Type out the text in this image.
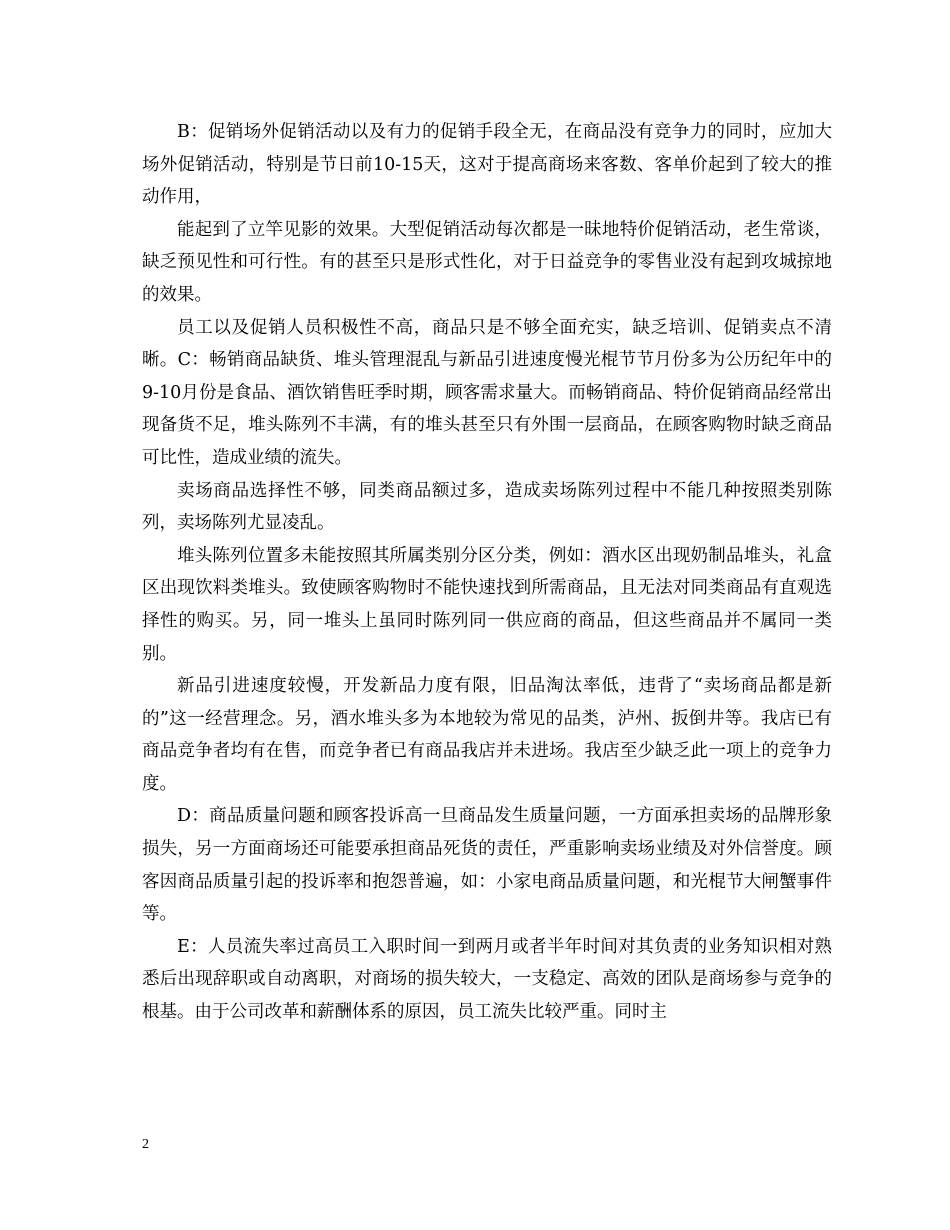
B：促销场外促销活动以及有力的促销手段全无，在商品没有竞争力的同时，应加大场外促销活动，特别是节日前10-15天，这对于提高商场来客数、客单价起到了较大的推动作用，

能起到了立竿见影的效果。大型促销活动每次都是一昧地特价促销活动，老生常谈，缺乏预见性和可行性。有的甚至只是形式性化，对于日益竞争的零售业没有起到攻城掠地的效果。

员工以及促销人员积极性不高，商品只是不够全面充实，缺乏培训、促销卖点不清晰。C：畅销商品缺货、堆头管理混乱与新品引进速度慢光棍节节月份多为公历纪年中的9-10月份是食品、酒饮销售旺季时期，顾客需求量大。而畅销商品、特价促销商品经常出现备货不足，堆头陈列不丰满，有的堆头甚至只有外围一层商品，在顾客购物时缺乏商品可比性，造成业绩的流失。

卖场商品选择性不够，同类商品额过多，造成卖场陈列过程中不能几种按照类别陈列，卖场陈列尤显凌乱。

堆头陈列位置多未能按照其所属类别分区分类，例如：酒水区出现奶制品堆头，礼盒区出现饮料类堆头。致使顾客购物时不能快速找到所需商品，且无法对同类商品有直观选择性的购买。另，同一堆头上虽同时陈列同一供应商的商品，但这些商品并不属同一类别。

新品引进速度较慢，开发新品力度有限，旧品淘汰率低，违背了“卖场商品都是新的”这一经营理念。另，酒水堆头多为本地较为常见的品类，泸州、扳倒井等。我店已有商品竞争者均有在售，而竞争者已有商品我店并未进场。我店至少缺乏此一项上的竞争力度。

D：商品质量问题和顾客投诉高一旦商品发生质量问题，一方面承担卖场的品牌形象损失，另一方面商场还可能要承担商品死货的责任，严重影响卖场业绩及对外信誉度。顾客因商品质量引起的投诉率和抱怨普遍，如：小家电商品质量问题，和光棍节大闸蟹事件等。

E：人员流失率过高员工入职时间一到两月或者半年时间对其负责的业务知识相对熟悉后出现辞职或自动离职，对商场的损失较大，一支稳定、高效的团队是商场参与竞争的根基。由于公司改革和薪酬体系的原因，员工流失比较严重。同时主

2
